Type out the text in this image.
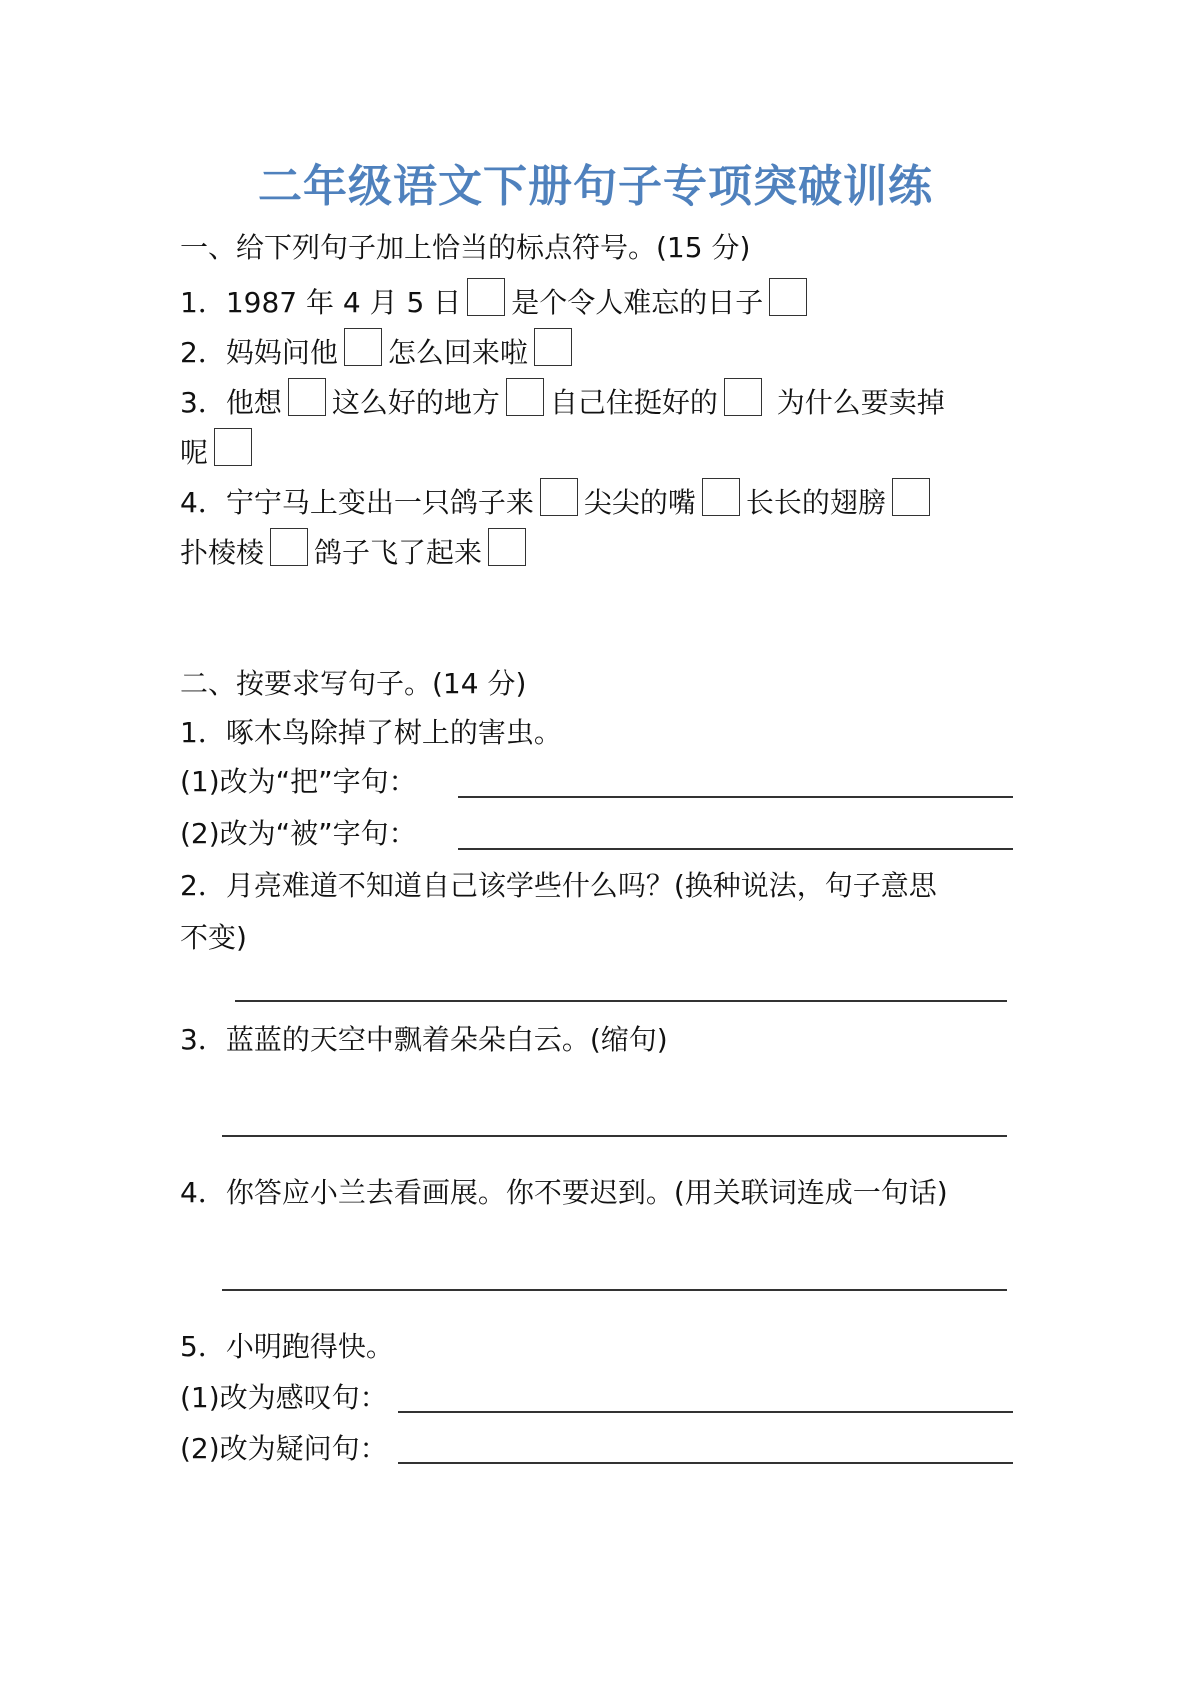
二年级语文下册句子专项突破训练
一、给下列句子加上恰当的标点符号。(15 分)
1．1987 年 4 月 5 日 是个令人难忘的日子
2．妈妈问他 怎么回来啦
3．他想 这么好的地方 自己住挺好的 为什么要卖掉
呢
4．宁宁马上变出一只鸽子来 尖尖的嘴 长长的翅膀
扑棱棱 鸽子飞了起来
二、按要求写句子。(14 分)
1．啄木鸟除掉了树上的害虫。
(1)改为“把”字句：
(2)改为“被”字句：
2．月亮难道不知道自己该学些什么吗？(换种说法，句子意思
不变)
3．蓝蓝的天空中飘着朵朵白云。(缩句)
4．你答应小兰去看画展。你不要迟到。(用关联词连成一句话)
5．小明跑得快。
(1)改为感叹句：
(2)改为疑问句：
